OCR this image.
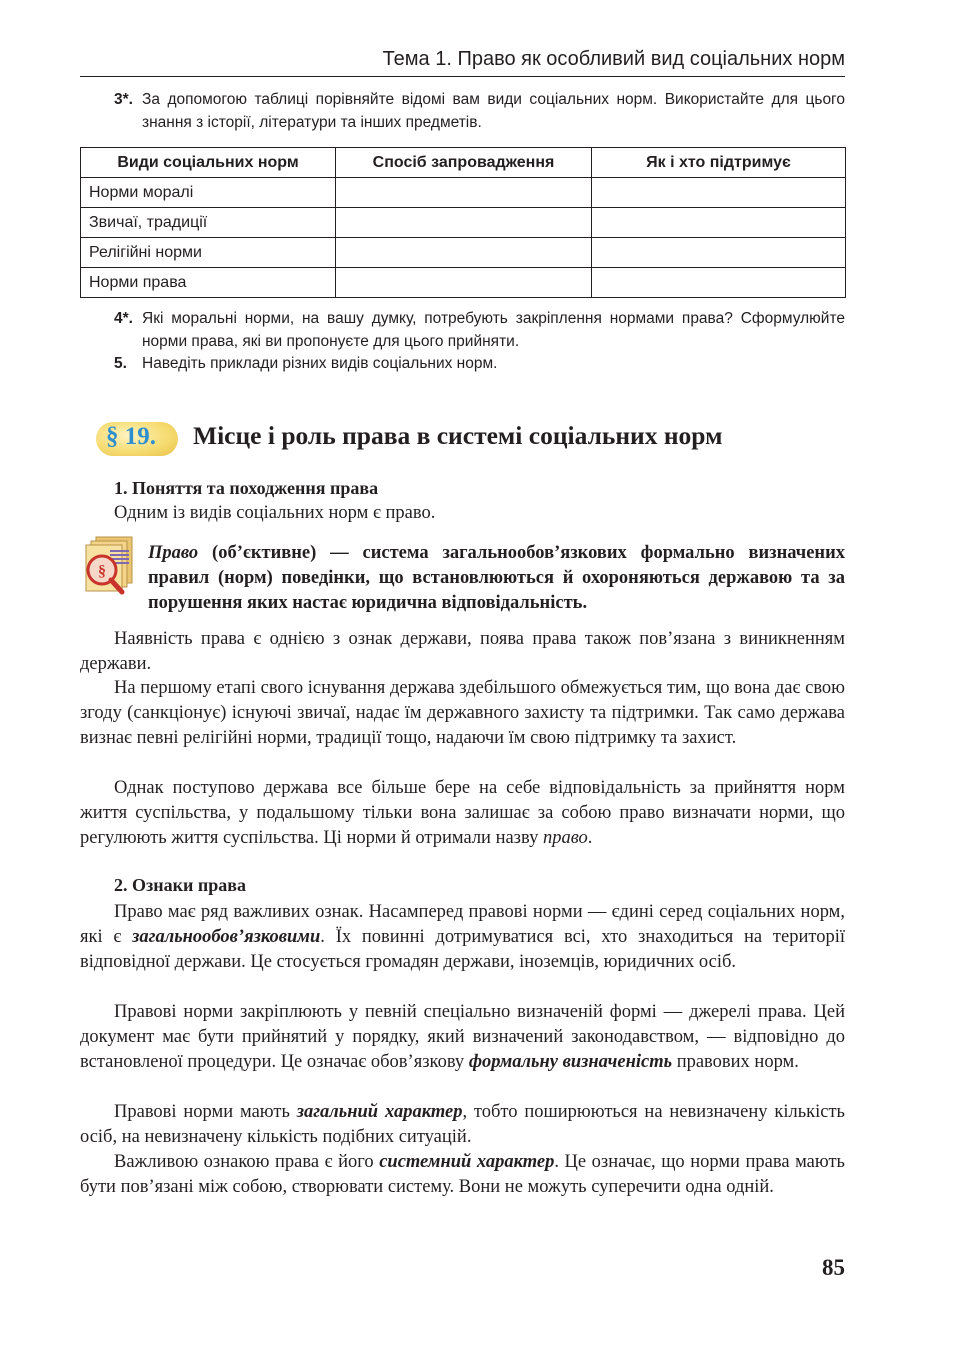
Тема 1. Право як особливий вид соціальних норм
3*. За допомогою таблиці порівняйте відомі вам види соціальних норм. Використайте для цього знання з історії, літератури та інших предметів.
Види соціальних норм	Спосіб запровадження	Як і хто підтримує
Норми моралі		
Звичаї, традиції		
Релігійні норми		
Норми права		
4*. Які моральні норми, на вашу думку, потребують закріплення нормами права? Сформулюйте норми права, які ви пропонуєте для цього прийняти.
5. Наведіть приклади різних видів соціальних норм.
§ 19.	Місце і роль права в системі соціальних норм
1. Поняття та походження права
Одним із видів соціальних норм є право.
§
Право (об’єктивне) — система загальнообов’язкових формально визначених правил (норм) поведінки, що встановлюються й охороняються державою та за порушення яких настає юридична відповідальність.
Наявність права є однією з ознак держави, поява права також пов’язана з виникненням держави.
На першому етапі свого існування держава здебільшого обмежується тим, що вона дає свою згоду (санкціонує) існуючі звичаї, надає їм державного захисту та підтримки. Так само держава визнає певні релігійні норми, традиції тощо, надаючи їм свою підтримку та захист.
Однак поступово держава все більше бере на себе відповідальність за прийняття норм життя суспільства, у подальшому тільки вона залишає за собою право визначати норми, що регулюють життя суспільства. Ці норми й отримали назву право.
2. Ознаки права
Право має ряд важливих ознак. Насамперед правові норми — єдині серед соціальних норм, які є загальнообов’язковими. Їх повинні дотримуватися всі, хто знаходиться на території відповідної держави. Це стосується громадян держави, іноземців, юридичних осіб.
Правові норми закріплюють у певній спеціально визначеній формі — джерелі права. Цей документ має бути прийнятий у порядку, який визначений законодавством, — відповідно до встановленої процедури. Це означає обов’язкову формальну визначеність правових норм.
Правові норми мають загальний характер, тобто поширюються на невизначену кількість осіб, на невизначену кількість подібних ситуацій.
Важливою ознакою права є його системний характер. Це означає, що норми права мають бути пов’язані між собою, створювати систему. Вони не можуть суперечити одна одній.
85
